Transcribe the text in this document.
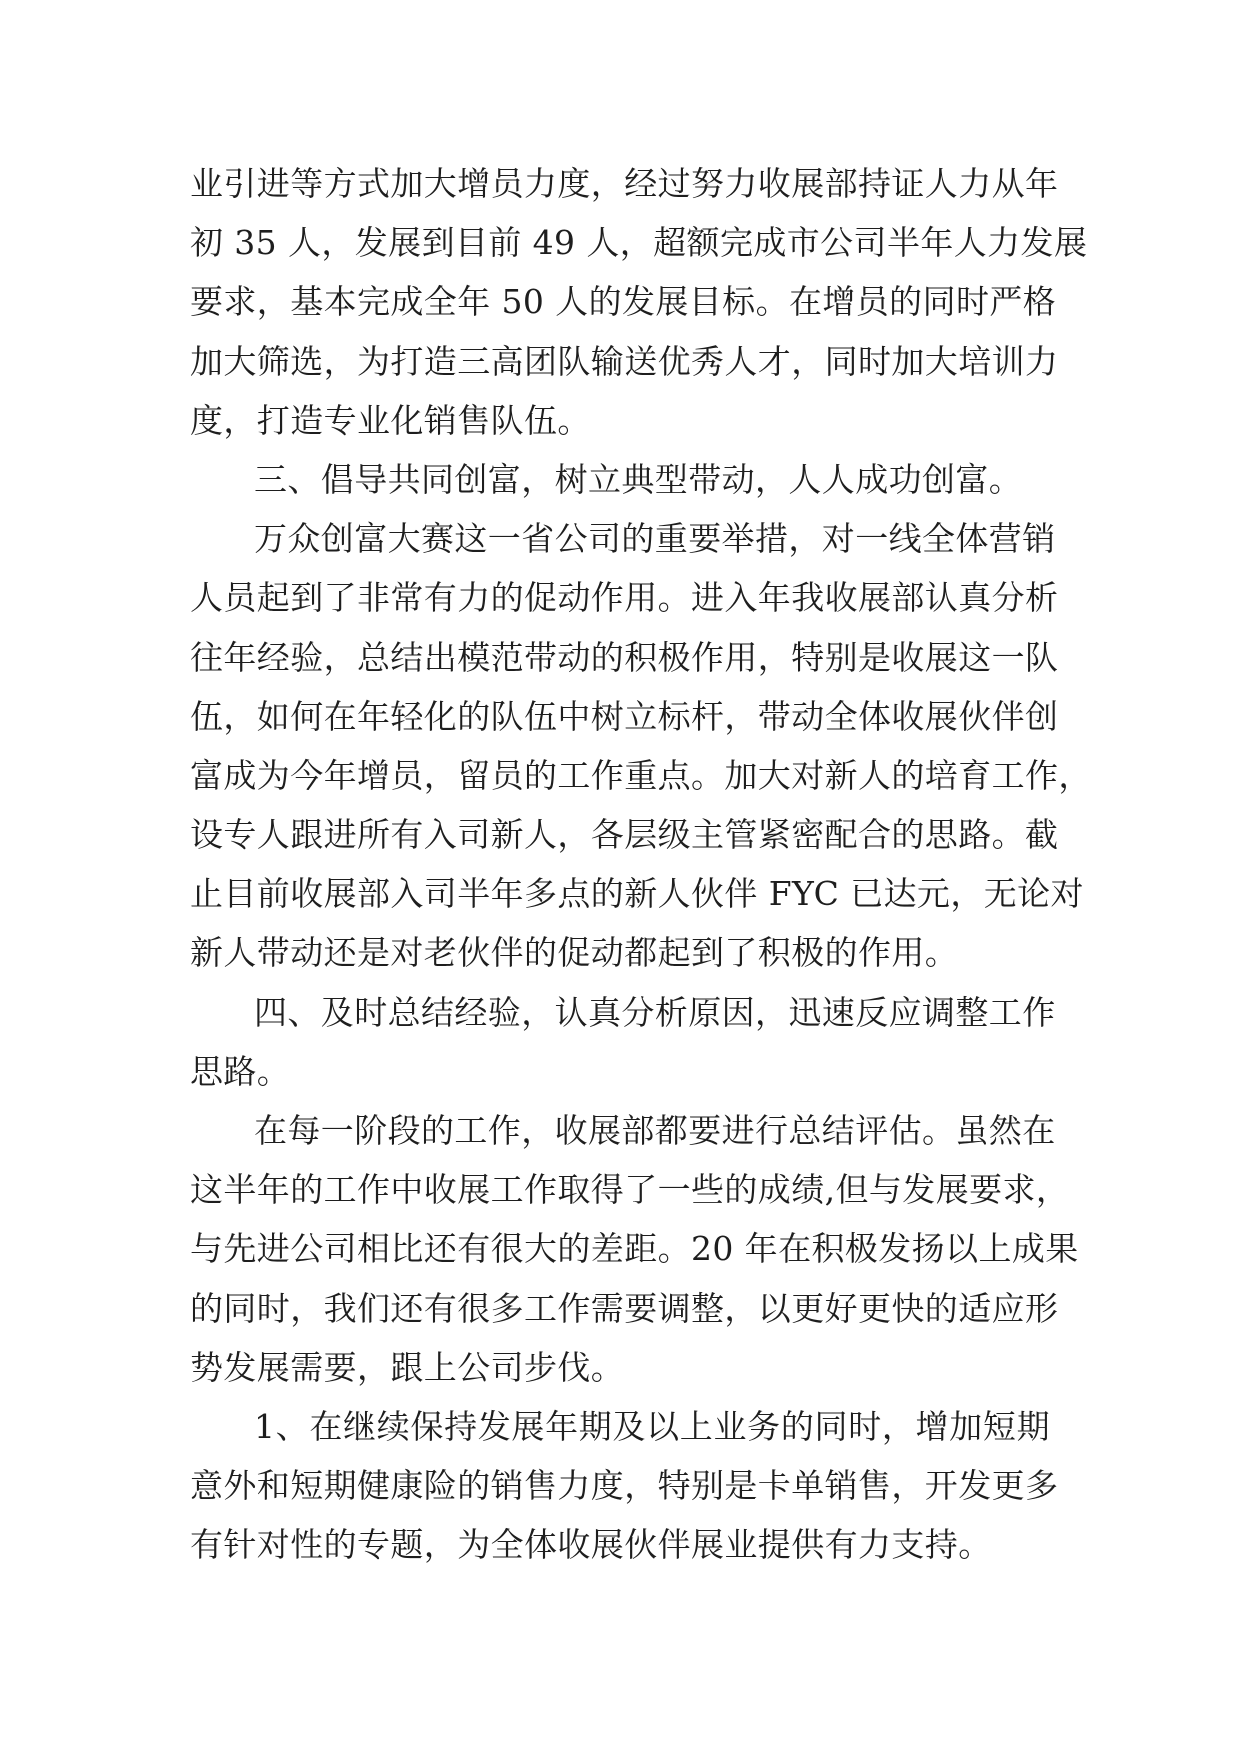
业引进等方式加大增员力度，经过努力收展部持证人力从年
初 35 人，发展到目前 49 人，超额完成市公司半年人力发展
要求，基本完成全年 50 人的发展目标。在增员的同时严格
加大筛选，为打造三高团队输送优秀人才，同时加大培训力
度，打造专业化销售队伍。
三、倡导共同创富，树立典型带动，人人成功创富。
万众创富大赛这一省公司的重要举措，对一线全体营销
人员起到了非常有力的促动作用。进入年我收展部认真分析
往年经验，总结出模范带动的积极作用，特别是收展这一队
伍，如何在年轻化的队伍中树立标杆，带动全体收展伙伴创
富成为今年增员，留员的工作重点。加大对新人的培育工作，
设专人跟进所有入司新人，各层级主管紧密配合的思路。截
止目前收展部入司半年多点的新人伙伴 FYC 已达元，无论对
新人带动还是对老伙伴的促动都起到了积极的作用。
四、及时总结经验，认真分析原因，迅速反应调整工作
思路。
在每一阶段的工作，收展部都要进行总结评估。虽然在
这半年的工作中收展工作取得了一些的成绩,但与发展要求，
与先进公司相比还有很大的差距。20 年在积极发扬以上成果
的同时，我们还有很多工作需要调整，以更好更快的适应形
势发展需要，跟上公司步伐。
1、在继续保持发展年期及以上业务的同时，增加短期
意外和短期健康险的销售力度，特别是卡单销售，开发更多
有针对性的专题，为全体收展伙伴展业提供有力支持。
